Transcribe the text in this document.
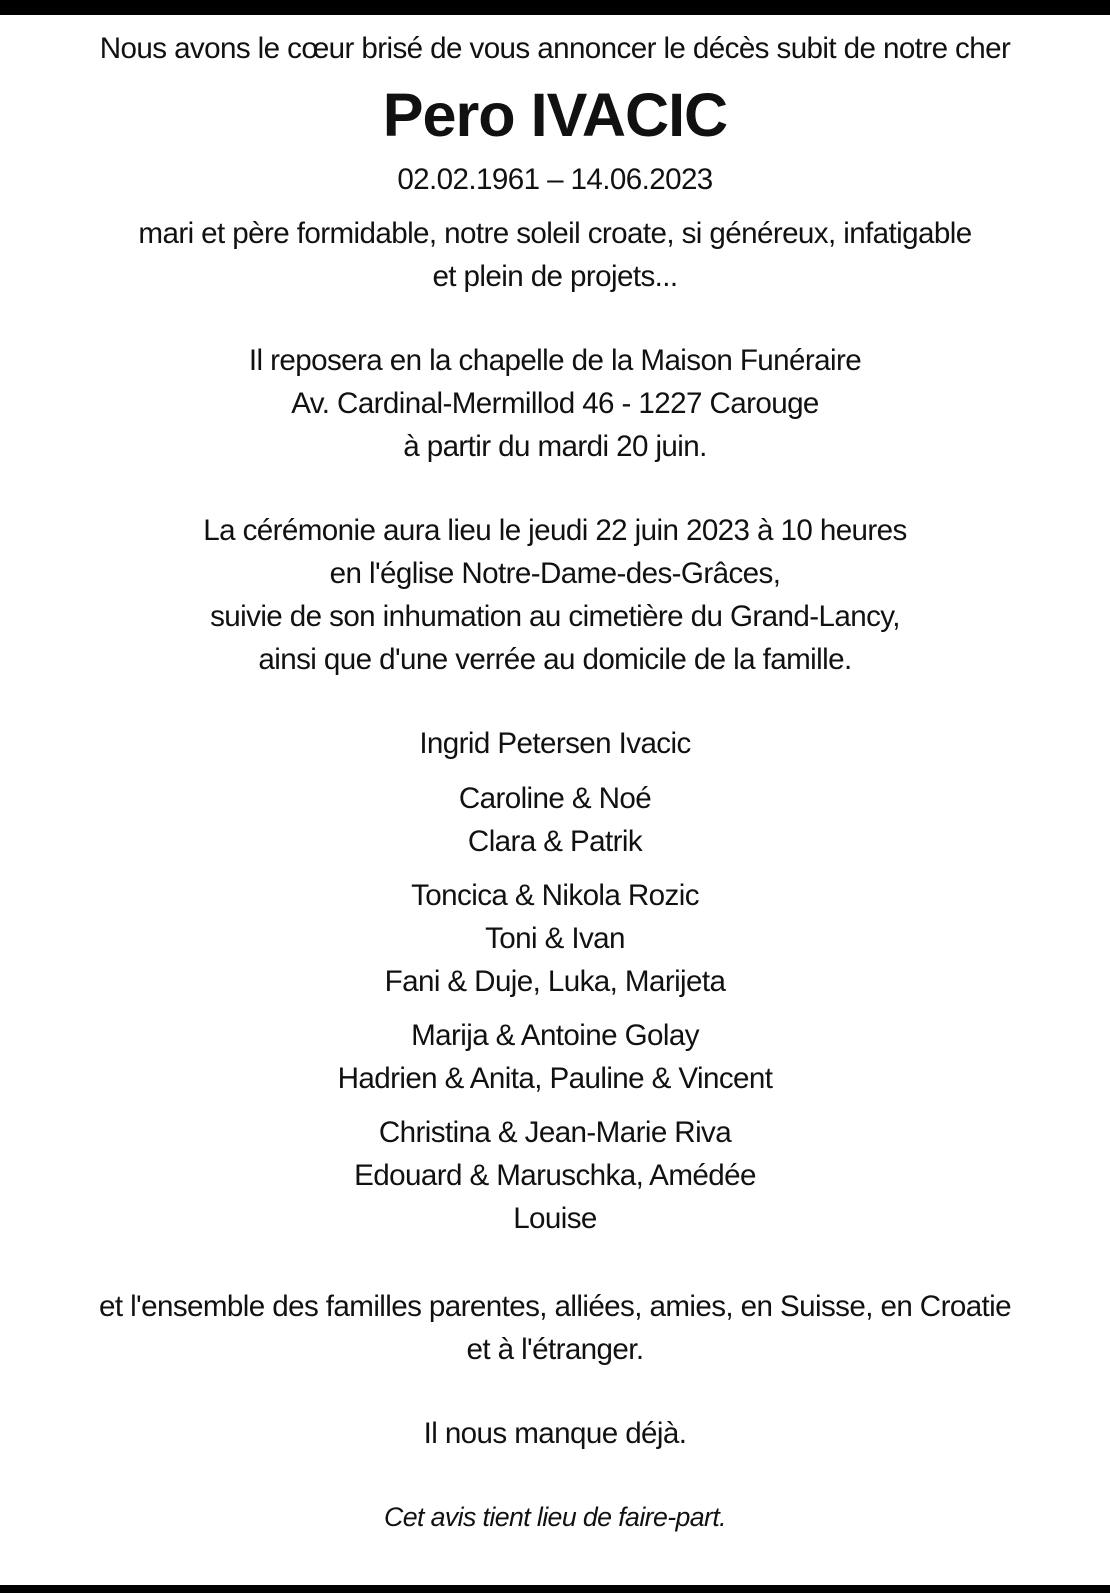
Nous avons le cœur brisé de vous annoncer le décès subit de notre cher
Pero IVACIC
02.02.1961 – 14.06.2023
mari et père formidable, notre soleil croate, si généreux, infatigable
et plein de projets...
Il reposera en la chapelle de la Maison Funéraire
Av. Cardinal-Mermillod 46 - 1227 Carouge
à partir du mardi 20 juin.
La cérémonie aura lieu le jeudi 22 juin 2023 à 10 heures
en l'église Notre-Dame-des-Grâces,
suivie de son inhumation au cimetière du Grand-Lancy,
ainsi que d'une verrée au domicile de la famille.
Ingrid Petersen Ivacic
Caroline & Noé
Clara & Patrik
Toncica & Nikola Rozic
Toni & Ivan
Fani & Duje, Luka, Marijeta
Marija & Antoine Golay
Hadrien & Anita, Pauline & Vincent
Christina & Jean-Marie Riva
Edouard & Maruschka, Amédée
Louise
et l'ensemble des familles parentes, alliées, amies, en Suisse, en Croatie
et à l'étranger.
Il nous manque déjà.
Cet avis tient lieu de faire-part.
